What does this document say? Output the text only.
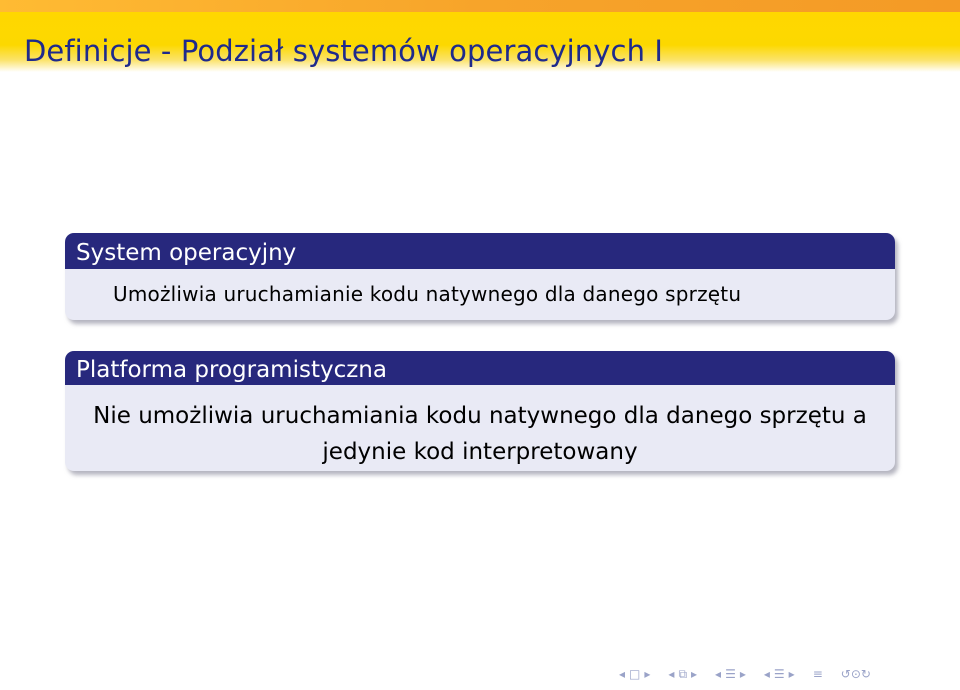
Definicje - Podział systemów operacyjnych I
System operacyjny
Umożliwia uruchamianie kodu natywnego dla danego sprzętu
Platforma programistyczna
Nie umożliwia uruchamiania kodu natywnego dla danego sprzętu a jedynie kod interpretowany
◂ □ ▸ ◂ ⧉ ▸ ◂ ☰ ▸ ◂ ☰ ▸ ≡ ↺⊙↻
